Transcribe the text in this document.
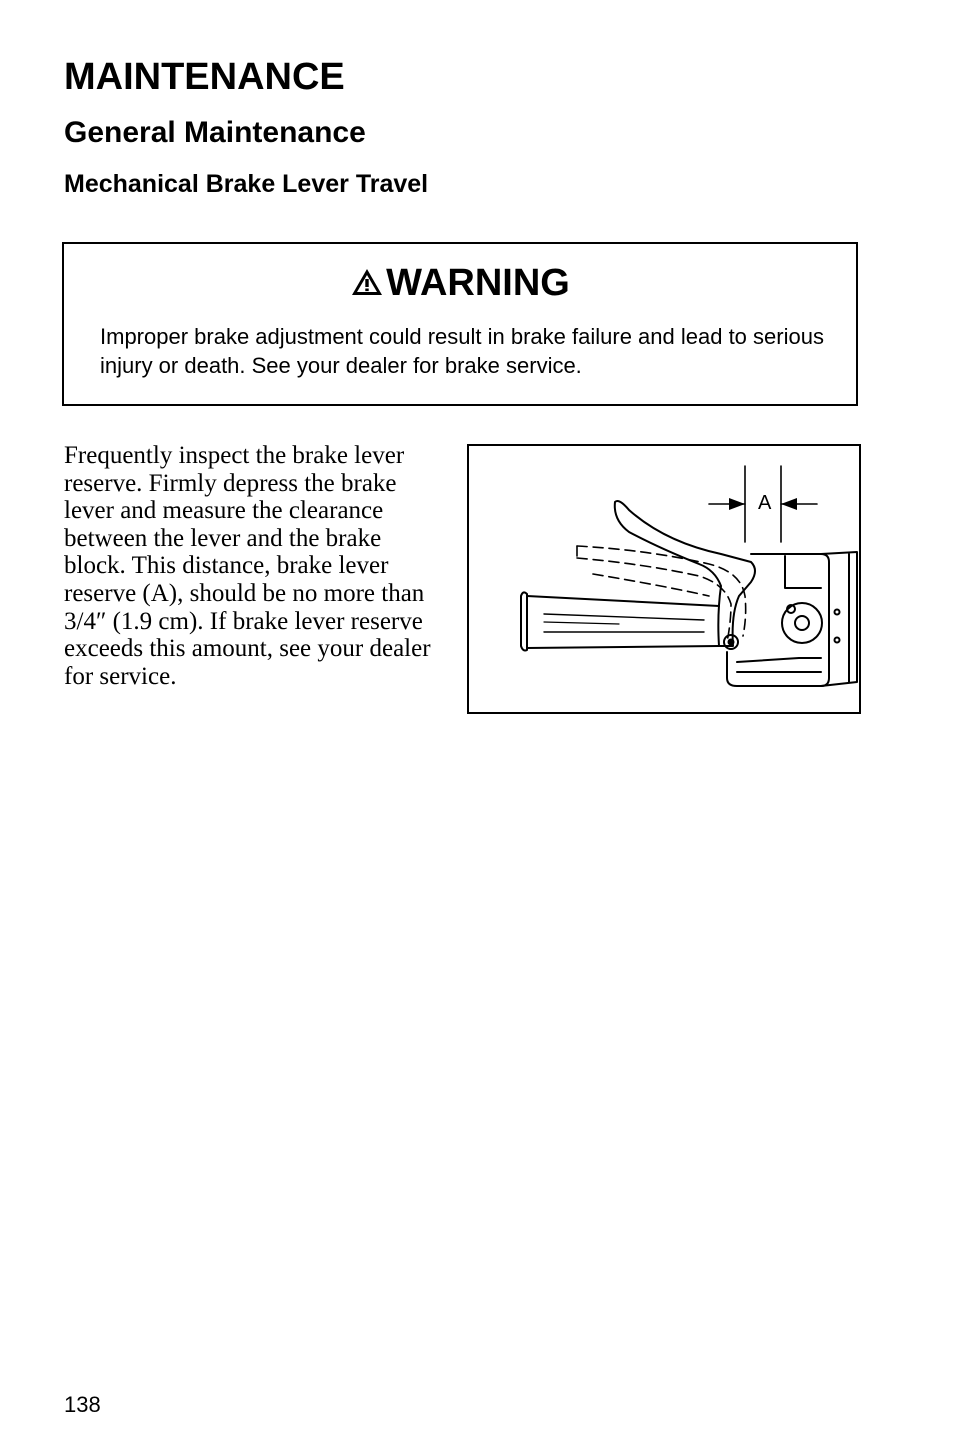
MAINTENANCE
General Maintenance
Mechanical Brake Lever Travel
WARNING
Improper brake adjustment could result in brake failure and lead to serious injury or death. See your dealer for brake service.
Frequently inspect the brake lever reserve. Firmly depress the brake lever and measure the clearance between the lever and the brake block. This distance, brake lever reserve (A), should be no more than 3/4″ (1.9 cm). If brake lever reserve exceeds this amount, see your dealer for service.
A
138
